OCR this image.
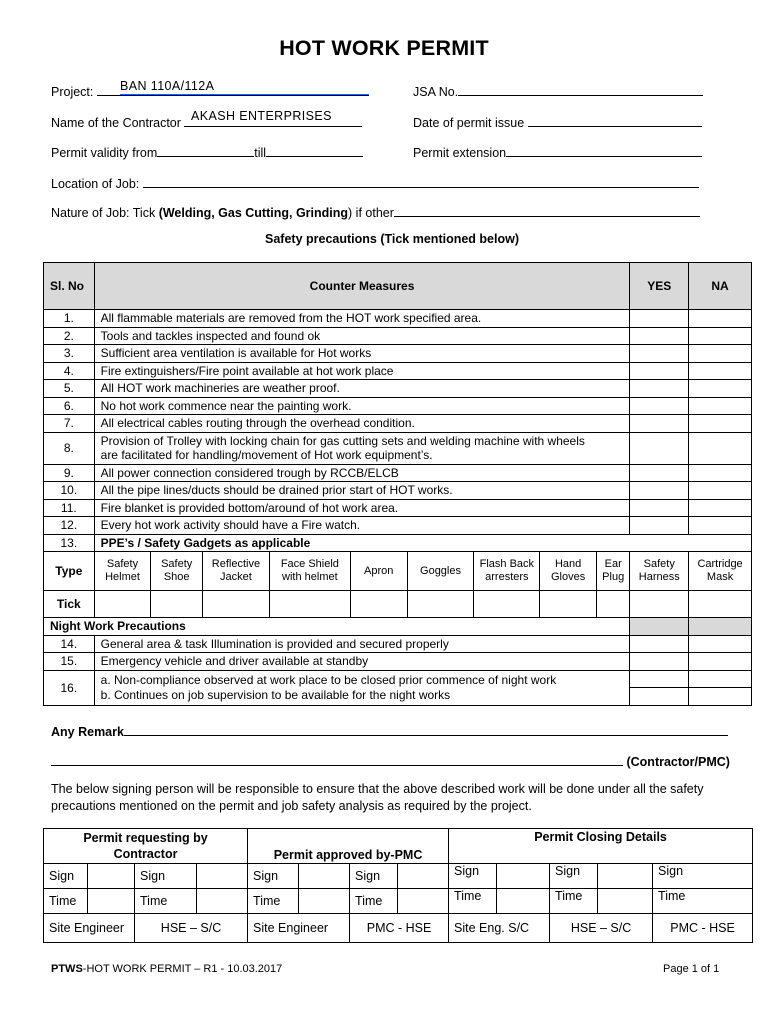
HOT WORK PERMIT
Project:	BAN 110A/112A	JSA No.
Name of the Contractor AKASH ENTERPRISES	Date of permit issue
Permit validity from	till	Permit extension
Location of Job:
Nature of Job: Tick (Welding, Gas Cutting, Grinding) if other
Safety precautions (Tick mentioned below)
Sl. No	Counter Measures									YES	NA
1.	All flammable materials are removed from the HOT work specified area.										
2.	Tools and tackles inspected and found ok										
3.	Sufficient area ventilation is available for Hot works										
4.	Fire extinguishers/Fire point available at hot work place										
5.	All HOT work machineries are weather proof.										
6.	No hot work commence near the painting work.										
7.	All electrical cables routing through the overhead condition.										
8.	Provision of Trolley with locking chain for gas cutting sets and welding machine with wheels
are facilitated for handling/movement of Hot work equipment’s.										

9.	All power connection considered trough by RCCB/ELCB										
10.	All the pipe lines/ducts should be drained prior start of HOT works.										
11.	Fire blanket is provided bottom/around of hot work area.										
12.	Every hot work activity should have a Fire watch.										
13.	PPE’s / Safety Gadgets as applicable										
Type	Safety Helmet	Safety Shoe	Reflective Jacket	Face Shield with helmet	Apron	Goggles	Flash Back arresters	Hand Gloves	Ear Plug	Safety Harness	Cartridge Mask
Tick											
Night Work Precautions											
14.	General area & task Illumination is provided and secured properly										
15.	Emergency vehicle and driver available at standby										
16.	a. Non-compliance observed at work place to be closed prior commence of night work
b. Continues on job supervision to be available for the night works										

Any Remark
(Contractor/PMC)
The below signing person will be responsible to ensure that the above described work will be done under all the safety
precautions mentioned on the permit and job safety analysis as required by the project.
Permit requesting by
Contractor				Permit approved by-PMC				Permit Closing Details				
Sign		Sign		Sign		Sign		Sign		Sign		Sign
Time		Time		Time		Time		Time		Time		Time
Site Engineer		HSE – S/C		Site Engineer		PMC - HSE		Site Eng. S/C		HSE – S/C		PMC - HSE
PTWS-HOT WORK PERMIT – R1 - 10.03.2017	Page 1 of 1
